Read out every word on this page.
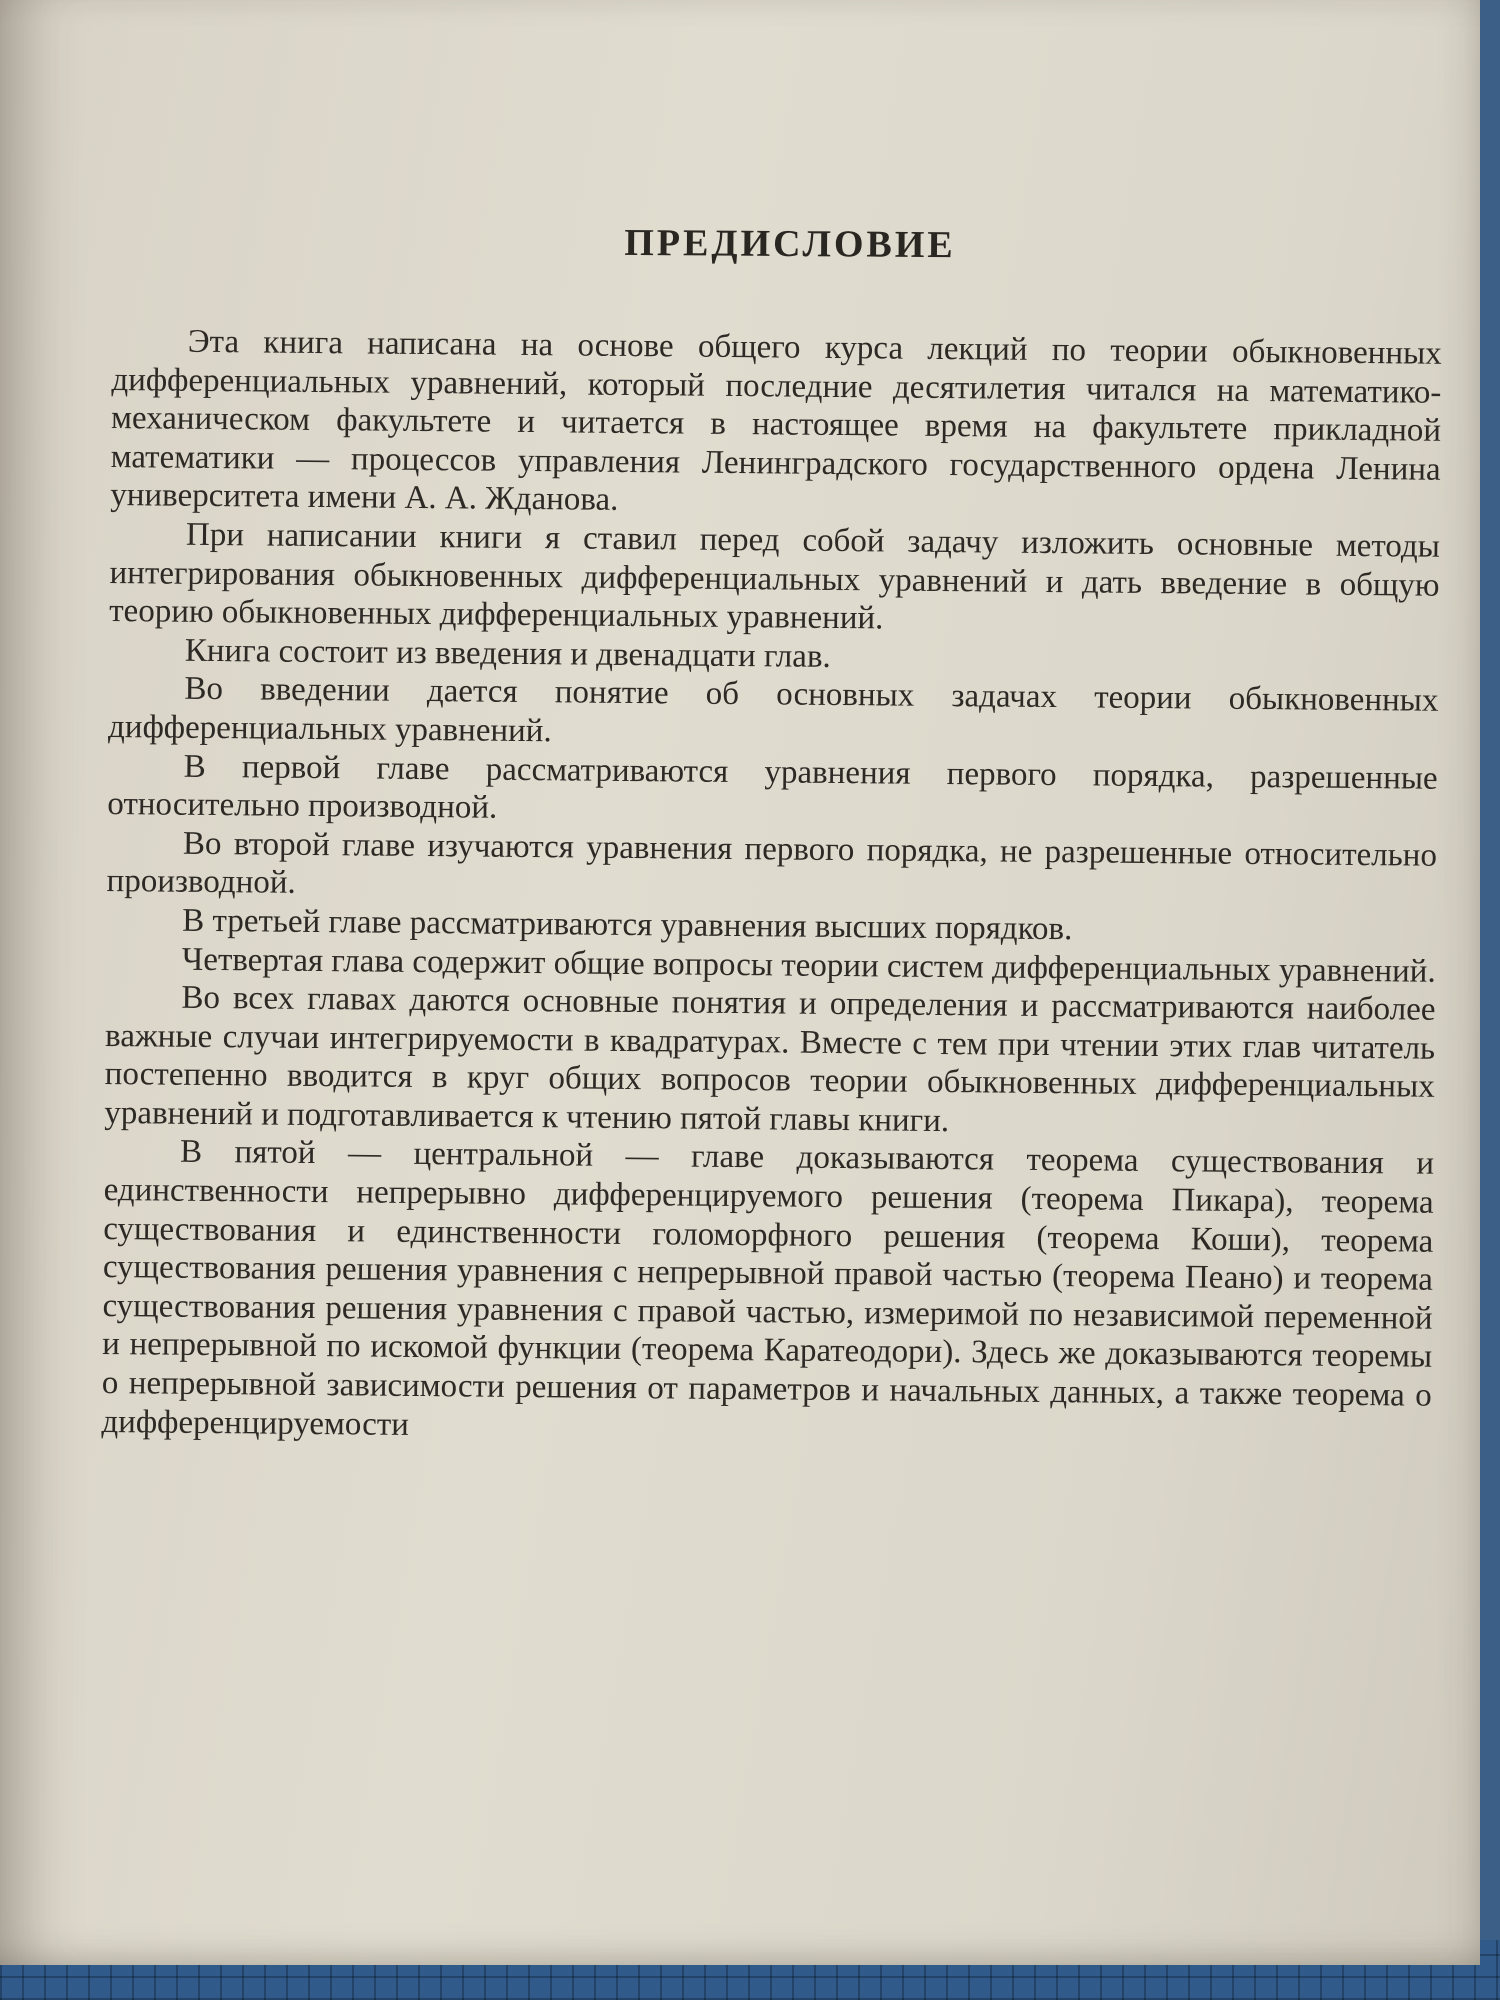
ПРЕДИСЛОВИЕ

Эта книга написана на основе общего курса лекций по теории обыкновенных дифференциальных уравнений, который последние десятилетия читался на математико-механическом факультете и читается в настоящее время на факультете прикладной математики — процессов управления Ленинградского государственного ордена Ленина университета имени А. А. Жданова.

При написании книги я ставил перед собой задачу изложить основные методы интегрирования обыкновенных дифференциальных уравнений и дать введение в общую теорию обыкновенных дифференциальных уравнений.

Книга состоит из введения и двенадцати глав.

Во введении дается понятие об основных задачах теории обыкновенных дифференциальных уравнений.

В первой главе рассматриваются уравнения первого порядка, разрешенные относительно производной.

Во второй главе изучаются уравнения первого порядка, не разрешенные относительно производной.

В третьей главе рассматриваются уравнения высших порядков.

Четвертая глава содержит общие вопросы теории систем дифференциальных уравнений.

Во всех главах даются основные понятия и определения и рассматриваются наиболее важные случаи интегрируемости в квадратурах. Вместе с тем при чтении этих глав читатель постепенно вводится в круг общих вопросов теории обыкновенных дифференциальных уравнений и подготавливается к чтению пятой главы книги.

В пятой — центральной — главе доказываются теорема существования и единственности непрерывно дифференцируемого решения (теорема Пикара), теорема существования и единственности голоморфного решения (теорема Коши), теорема существования решения уравнения с непрерывной правой частью (теорема Пеано) и теорема существования решения уравнения с правой частью, измеримой по независимой переменной и непрерывной по искомой функции (теорема Каратеодори). Здесь же доказываются теоремы о непрерывной зависимости решения от параметров и начальных данных, а также теорема о дифференцируемости
